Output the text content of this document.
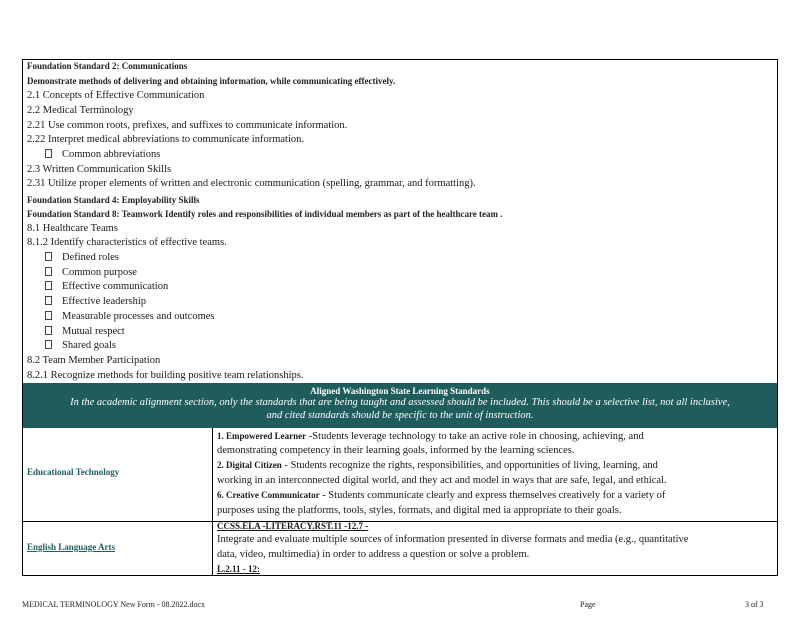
Foundation Standard 2: Communications
Demonstrate methods of delivering and obtaining information, while communicating effectively.
2.1 Concepts of Effective Communication
2.2 Medical Terminology
2.21 Use common roots, prefixes, and suffixes to communicate information.
2.22 Interpret medical abbreviations to communicate information.
Common abbreviations
2.3 Written Communication Skills
2.31 Utilize proper elements of written and electronic communication (spelling, grammar, and formatting).
Foundation Standard 4: Employability Skills
Foundation Standard 8: Teamwork Identify roles and responsibilities of individual members as part of the healthcare team .
8.1 Healthcare Teams
8.1.2 Identify characteristics of effective teams.
Defined roles
Common purpose
Effective communication
Effective leadership
Measurable processes and outcomes
Mutual respect
Shared goals
8.2 Team Member Participation
8.2.1 Recognize methods for building positive team relationships.
Aligned Washington State Learning Standards
In the academic alignment section, only the standards that are being taught and assessed should be included. This should be a selective list, not all inclusive,
and cited standards should be specific to the unit of instruction.
Educational Technology
1. Empowered Learner -Students leverage technology to take an active role in choosing, achieving, and
demonstrating competency in their learning goals, informed by the learning sciences.
2. Digital Citizen - Students recognize the rights, responsibilities, and opportunities of living, learning, and
working in an interconnected digital world, and they act and model in ways that are safe, legal, and ethical.
6. Creative Communicator - Students communicate clearly and express themselves creatively for a variety of
purposes using the platforms, tools, styles, formats, and digital med ia appropriate to their goals.
English Language Arts
CCSS.ELA -LITERACY.RST.11 -12.7 -
Integrate and evaluate multiple sources of information presented in diverse formats and media (e.g., quantitative
data, video, multimedia) in order to address a question or solve a problem.
L.2.11 - 12:
MEDICAL TERMINOLOGY New Form - 08.2022.docx	Page	3 of 3
